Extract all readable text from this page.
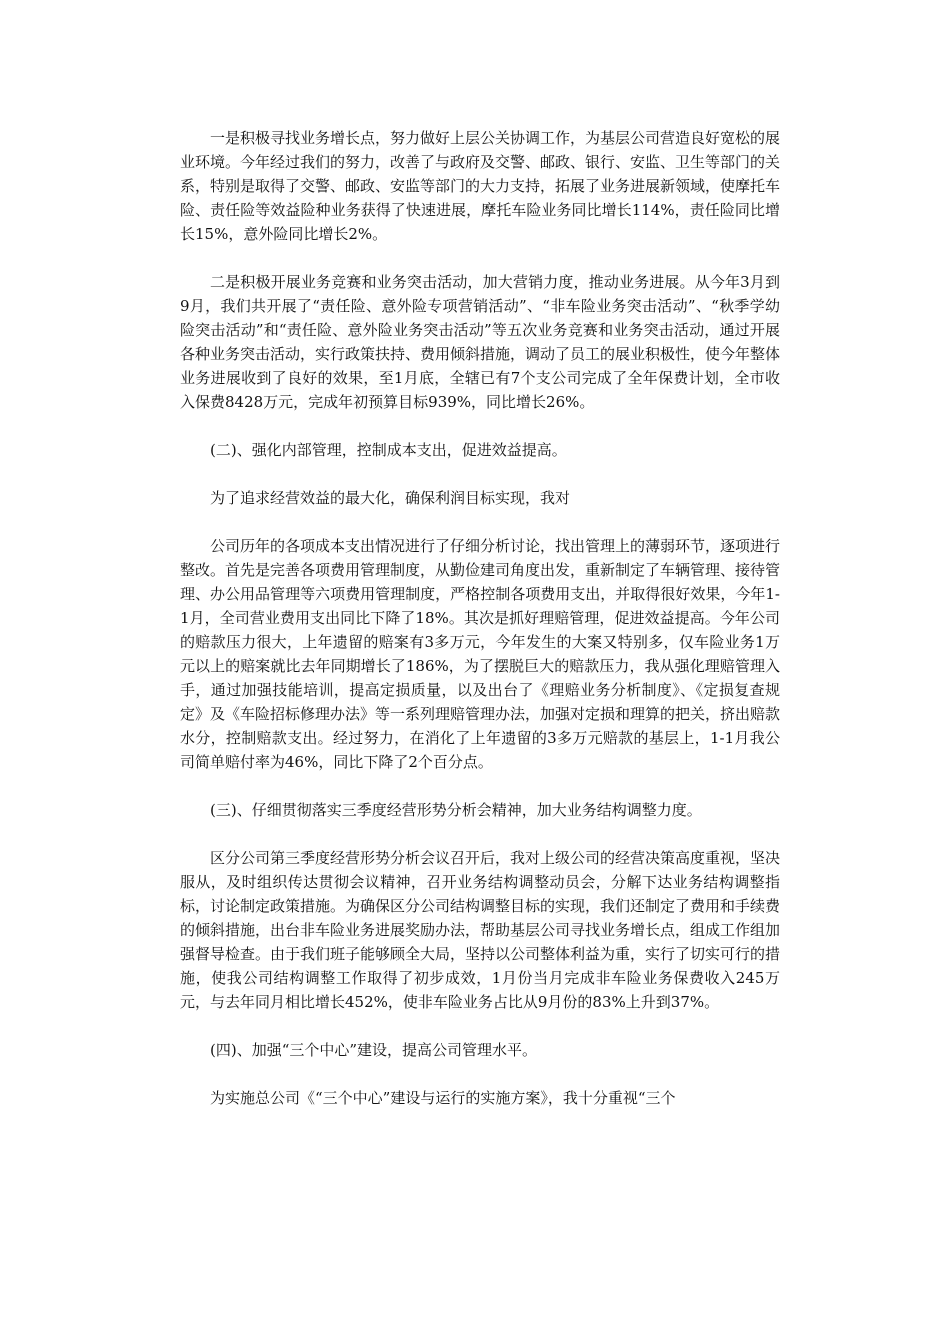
一是积极寻找业务增长点，努力做好上层公关协调工作，为基层公司营造良好宽松的展业环境。今年经过我们的努力，改善了与政府及交警、邮政、银行、安监、卫生等部门的关系，特别是取得了交警、邮政、安监等部门的大力支持，拓展了业务进展新领域，使摩托车险、责任险等效益险种业务获得了快速进展，摩托车险业务同比增长114%，责任险同比增长15%，意外险同比增长2%。

二是积极开展业务竞赛和业务突击活动，加大营销力度，推动业务进展。从今年3月到9月，我们共开展了“责任险、意外险专项营销活动”、“非车险业务突击活动”、“秋季学幼险突击活动”和“责任险、意外险业务突击活动”等五次业务竞赛和业务突击活动，通过开展各种业务突击活动，实行政策扶持、费用倾斜措施，调动了员工的展业积极性，使今年整体业务进展收到了良好的效果，至1月底，全辖已有7个支公司完成了全年保费计划，全市收入保费8428万元，完成年初预算目标939%，同比增长26%。

(二)、强化内部管理，控制成本支出，促进效益提高。

为了追求经营效益的最大化，确保利润目标实现，我对

公司历年的各项成本支出情况进行了仔细分析讨论，找出管理上的薄弱环节，逐项进行整改。首先是完善各项费用管理制度，从勤俭建司角度出发，重新制定了车辆管理、接待管理、办公用品管理等六项费用管理制度，严格控制各项费用支出，并取得很好效果，今年1-1月，全司营业费用支出同比下降了18%。其次是抓好理赔管理，促进效益提高。今年公司的赔款压力很大，上年遗留的赔案有3多万元，今年发生的大案又特别多，仅车险业务1万元以上的赔案就比去年同期增长了186%，为了摆脱巨大的赔款压力，我从强化理赔管理入手，通过加强技能培训，提高定损质量，以及出台了《理赔业务分析制度》、《定损复查规定》及《车险招标修理办法》等一系列理赔管理办法，加强对定损和理算的把关，挤出赔款水分，控制赔款支出。经过努力，在消化了上年遗留的3多万元赔款的基层上，1-1月我公司简单赔付率为46%，同比下降了2个百分点。

(三)、仔细贯彻落实三季度经营形势分析会精神，加大业务结构调整力度。

区分公司第三季度经营形势分析会议召开后，我对上级公司的经营决策高度重视，坚决服从，及时组织传达贯彻会议精神，召开业务结构调整动员会，分解下达业务结构调整指标，讨论制定政策措施。为确保区分公司结构调整目标的实现，我们还制定了费用和手续费的倾斜措施，出台非车险业务进展奖励办法，帮助基层公司寻找业务增长点，组成工作组加强督导检查。由于我们班子能够顾全大局，坚持以公司整体利益为重，实行了切实可行的措施，使我公司结构调整工作取得了初步成效，1月份当月完成非车险业务保费收入245万元，与去年同月相比增长452%，使非车险业务占比从9月份的83%上升到37%。

(四)、加强“三个中心”建设，提高公司管理水平。

为实施总公司《“三个中心”建设与运行的实施方案》，我十分重视“三个
